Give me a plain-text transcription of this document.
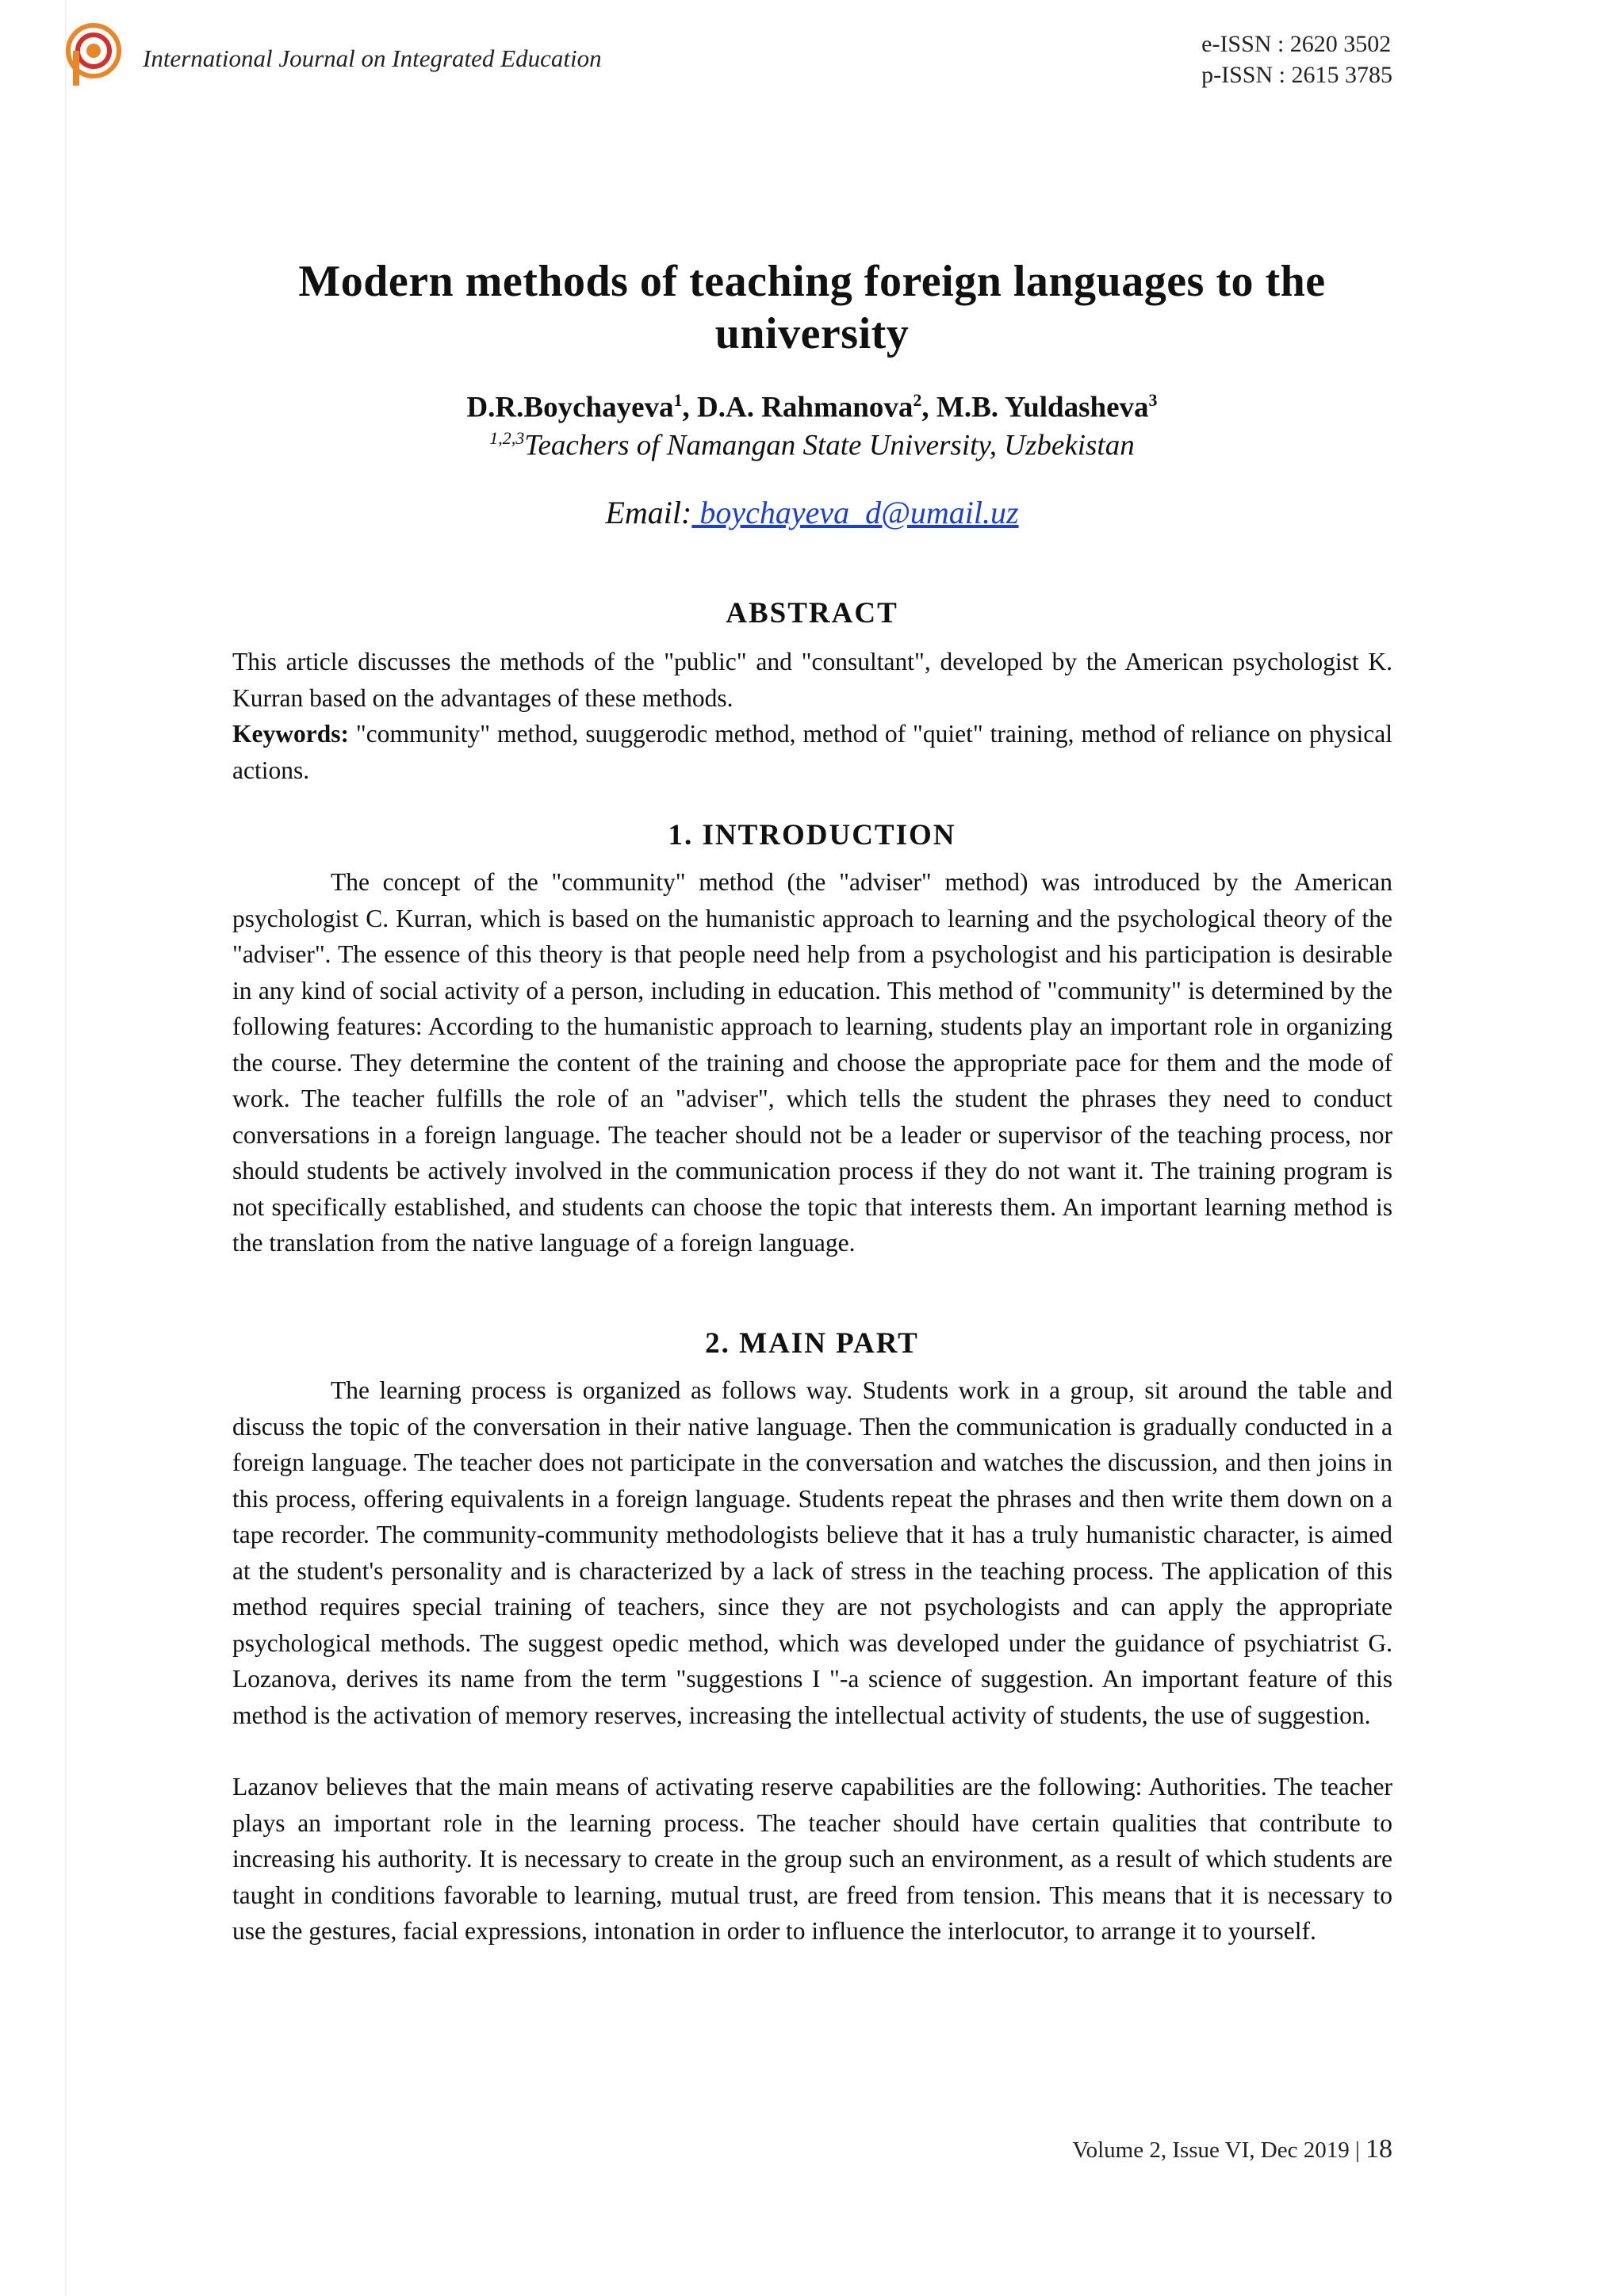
International Journal on Integrated Education
e-ISSN : 2620 3502
p-ISSN : 2615 3785
Modern methods of teaching foreign languages to the
university
D.R.Boychayeva$^1$, D.A. Rahmanova$^2$, M.B. Yuldasheva$^3$
$^{1,2,3}$Teachers of Namangan State University, Uzbekistan
Email: boychayeva_d@umail.uz
ABSTRACT
This article discusses the methods of the "public" and "consultant", developed by the American psychologist K. Kurran based on the advantages of these methods.
Keywords: "community" method, suuggerodic method, method of "quiet" training, method of reliance on physical actions.
1. INTRODUCTION
The concept of the "community" method (the "adviser" method) was introduced by the American psychologist C. Kurran, which is based on the humanistic approach to learning and the psychological theory of the "adviser". The essence of this theory is that people need help from a psychologist and his participation is desirable in any kind of social activity of a person, including in education. This method of "community" is determined by the following features: According to the humanistic approach to learning, students play an important role in organizing the course. They determine the content of the training and choose the appropriate pace for them and the mode of work. The teacher fulfills the role of an "adviser", which tells the student the phrases they need to conduct conversations in a foreign language. The teacher should not be a leader or supervisor of the teaching process, nor should students be actively involved in the communication process if they do not want it. The training program is not specifically established, and students can choose the topic that interests them. An important learning method is the translation from the native language of a foreign language.
2. MAIN PART
The learning process is organized as follows way. Students work in a group, sit around the table and discuss the topic of the conversation in their native language. Then the communication is gradually conducted in a foreign language. The teacher does not participate in the conversation and watches the discussion, and then joins in this process, offering equivalents in a foreign language. Students repeat the phrases and then write them down on a tape recorder. The community-community methodologists believe that it has a truly humanistic character, is aimed at the student's personality and is characterized by a lack of stress in the teaching process. The application of this method requires special training of teachers, since they are not psychologists and can apply the appropriate psychological methods. The suggest opedic method, which was developed under the guidance of psychiatrist G. Lozanova, derives its name from the term "suggestions I "-a science of suggestion. An important feature of this method is the activation of memory reserves, increasing the intellectual activity of students, the use of suggestion.
Lazanov believes that the main means of activating reserve capabilities are the following: Authorities. The teacher plays an important role in the learning process. The teacher should have certain qualities that contribute to increasing his authority. It is necessary to create in the group such an environment, as a result of which students are taught in conditions favorable to learning, mutual trust, are freed from tension. This means that it is necessary to use the gestures, facial expressions, intonation in order to influence the interlocutor, to arrange it to yourself.
Volume 2, Issue VI, Dec 2019 | 18
